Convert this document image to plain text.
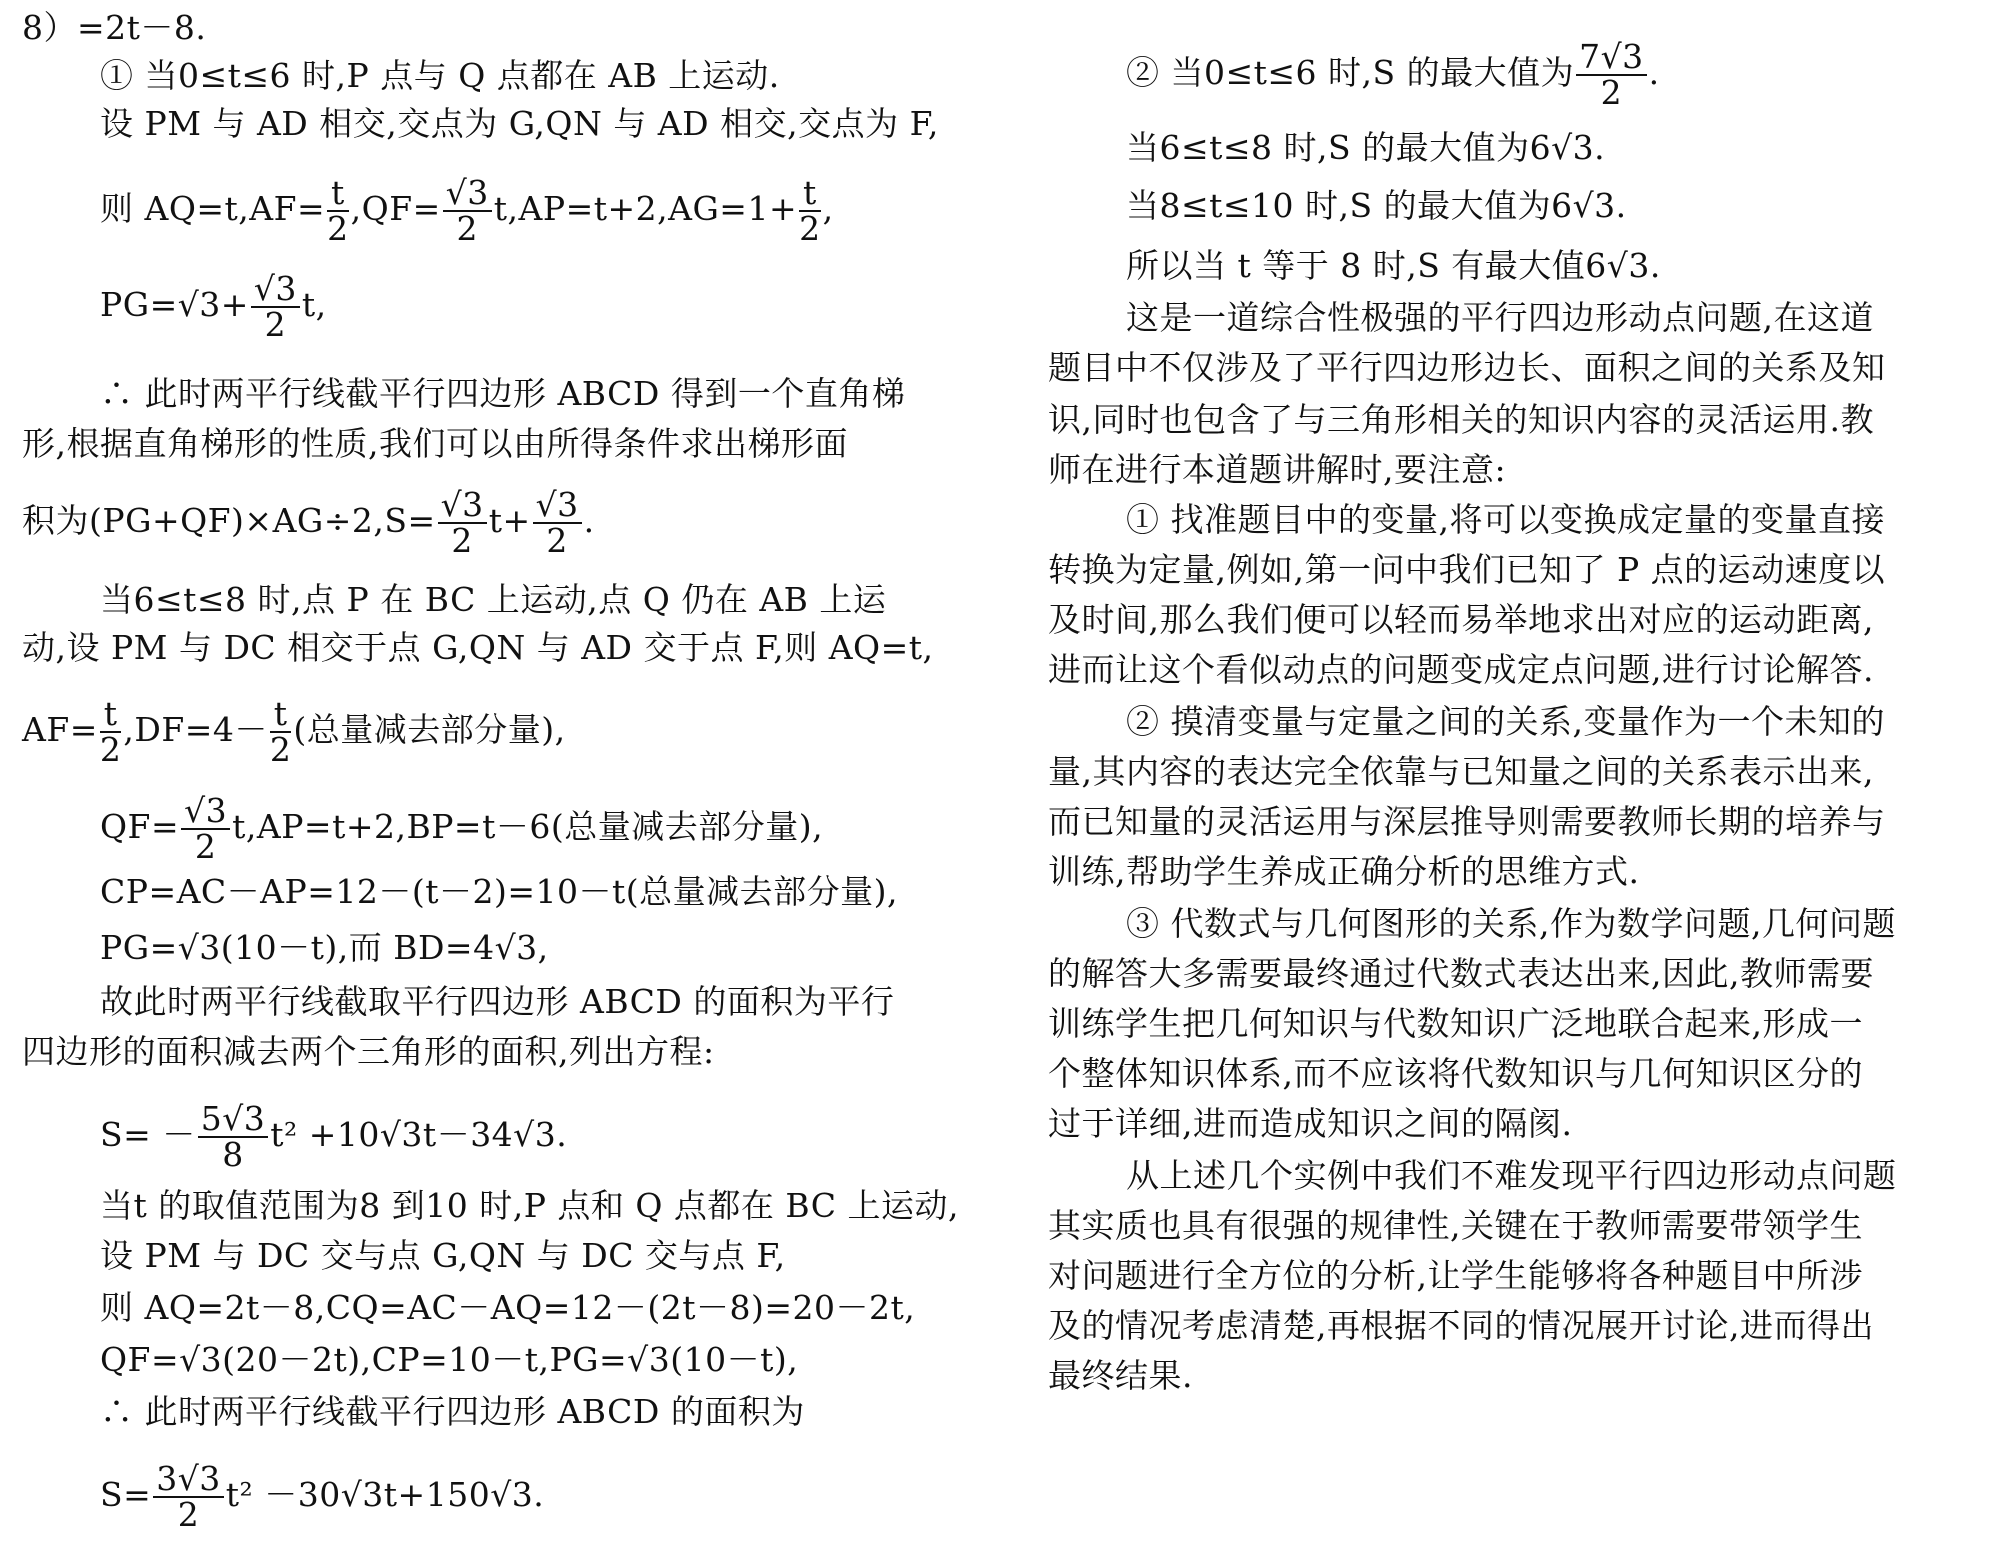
8）=2t－8.
① 当0≤t≤6 时,P 点与 Q 点都在 AB 上运动.
设 PM 与 AD 相交,交点为 G,QN 与 AD 相交,交点为 F,
则 $AQ=t,AF= \frac{t}{2} ,QF= \frac{√3}{2} t,AP=t+2,AG=1+ \frac{t}{2}$ ,
$PG=√3+ \frac{√3}{2} t$,
∴ 此时两平行线截平行四边形 ABCD 得到一个直角梯
形,根据直角梯形的性质,我们可以由所得条件求出梯形面
积为$(PG+QF)\times AG\div 2,S= \frac{√3}{2} t+ \frac{√3}{2}$ .
当6≤t≤8 时,点 P 在 BC 上运动,点 Q 仍在 AB 上运
动,设 PM 与 DC 相交于点 G,QN 与 AD 交于点 F,则 AQ=t,
$AF= \frac{t}{2} ,DF=4- \frac{t}{2}$ (总量减去部分量),
$QF= \frac{√3}{2} t,AP=t+2,BP=t-6$(总量减去部分量),
CP=AC－AP=12－(t－2)=10－t(总量减去部分量),
PG=√3(10－t),而 BD=4√3,
故此时两平行线截取平行四边形 ABCD 的面积为平行
四边形的面积减去两个三角形的面积,列出方程:
$S= - \frac{5√3}{8} t^2 +10√3t-34√3$.
当t 的取值范围为8 到10 时,P 点和 Q 点都在 BC 上运动,
设 PM 与 DC 交与点 G,QN 与 DC 交与点 F,
则 AQ=2t－8,CQ=AC－AQ=12－(2t－8)=20－2t,
QF=√3(20－2t),CP=10－t,PG=√3(10－t),
∴ 此时两平行线截平行四边形 ABCD 的面积为
$S= \frac{3√3}{2} t^2 -30√3t+150√3$.
② 当0≤t≤6 时,S 的最大值为 $\frac{7√3}{2}$ .
当6≤t≤8 时,S 的最大值为6√3.
当8≤t≤10 时,S 的最大值为6√3.
所以当 t 等于 8 时,S 有最大值6√3.
这是一道综合性极强的平行四边形动点问题,在这道
题目中不仅涉及了平行四边形边长、面积之间的关系及知
识,同时也包含了与三角形相关的知识内容的灵活运用.教
师在进行本道题讲解时,要注意:
① 找准题目中的变量,将可以变换成定量的变量直接
转换为定量,例如,第一问中我们已知了 P 点的运动速度以
及时间,那么我们便可以轻而易举地求出对应的运动距离,
进而让这个看似动点的问题变成定点问题,进行讨论解答.
② 摸清变量与定量之间的关系,变量作为一个未知的
量,其内容的表达完全依靠与已知量之间的关系表示出来,
而已知量的灵活运用与深层推导则需要教师长期的培养与
训练,帮助学生养成正确分析的思维方式.
③ 代数式与几何图形的关系,作为数学问题,几何问题
的解答大多需要最终通过代数式表达出来,因此,教师需要
训练学生把几何知识与代数知识广泛地联合起来,形成一
个整体知识体系,而不应该将代数知识与几何知识区分的
过于详细,进而造成知识之间的隔阂.
从上述几个实例中我们不难发现平行四边形动点问题
其实质也具有很强的规律性,关键在于教师需要带领学生
对问题进行全方位的分析,让学生能够将各种题目中所涉
及的情况考虑清楚,再根据不同的情况展开讨论,进而得出
最终结果.
